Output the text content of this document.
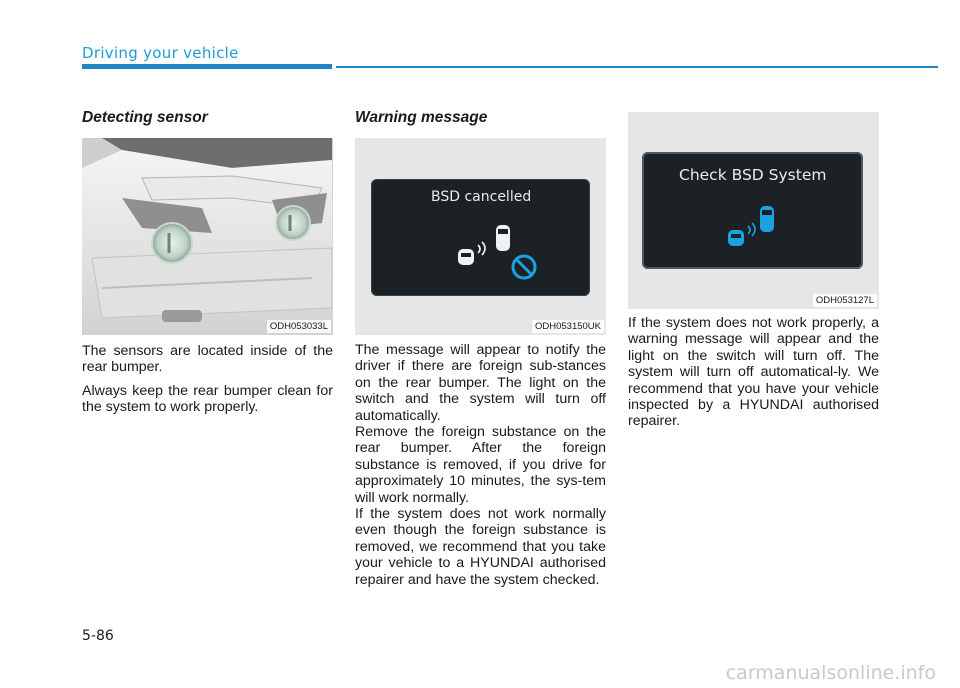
Driving your vehicle
Detecting sensor
ODH053033L

The sensors are located inside of the rear bumper.

Always keep the rear bumper clean for the system to work properly.

Warning message
BSD cancelled
ODH053150UK

The message will appear to notify the driver if there are foreign sub-stances on the rear bumper. The light on the switch and the system will turn off automatically.

Remove the foreign substance on the rear bumper. After the foreign substance is removed, if you drive for approximately 10 minutes, the sys-tem will work normally.

If the system does not work normally even though the foreign substance is removed, we recommend that you take your vehicle to a HYUNDAI authorised repairer and have the system checked.

Check BSD System
ODH053127L

If the system does not work properly, a warning message will appear and the light on the switch will turn off. The system will turn off automatical-ly. We recommend that you have your vehicle inspected by a HYUNDAI authorised repairer.

5-86
carmanualsonline.info
